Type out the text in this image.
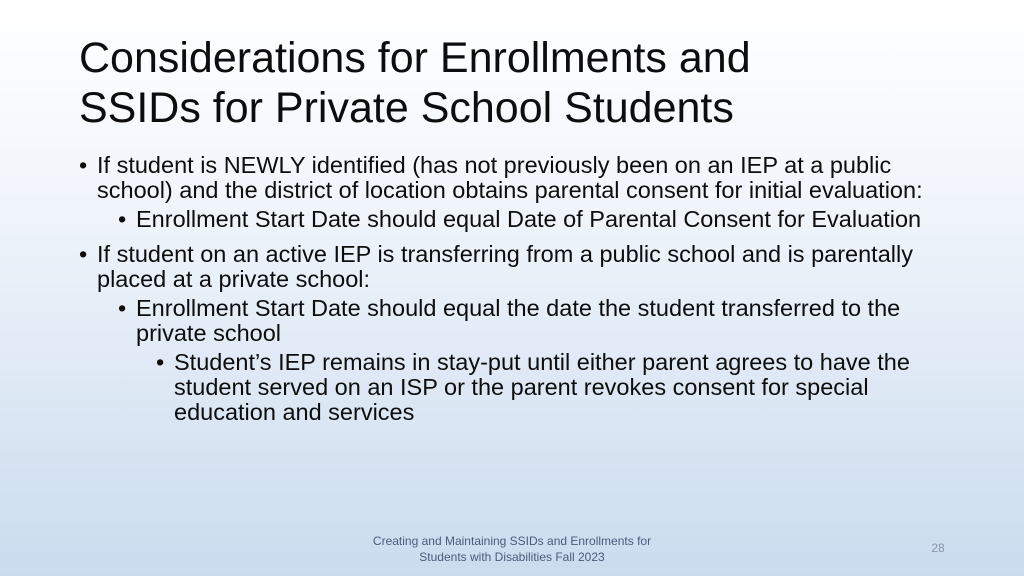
Considerations for Enrollments and
SSIDs for Private School Students
• If student is NEWLY identified (has not previously been on an IEP at a public school) and the district of location obtains parental consent for initial evaluation:
• Enrollment Start Date should equal Date of Parental Consent for Evaluation
• If student on an active IEP is transferring from a public school and is parentally placed at a private school:
• Enrollment Start Date should equal the date the student transferred to the private school
• Student’s IEP remains in stay-put until either parent agrees to have the student served on an ISP or the parent revokes consent for special education and services
Creating and Maintaining SSIDs and Enrollments for
Students with Disabilities Fall 2023
28
